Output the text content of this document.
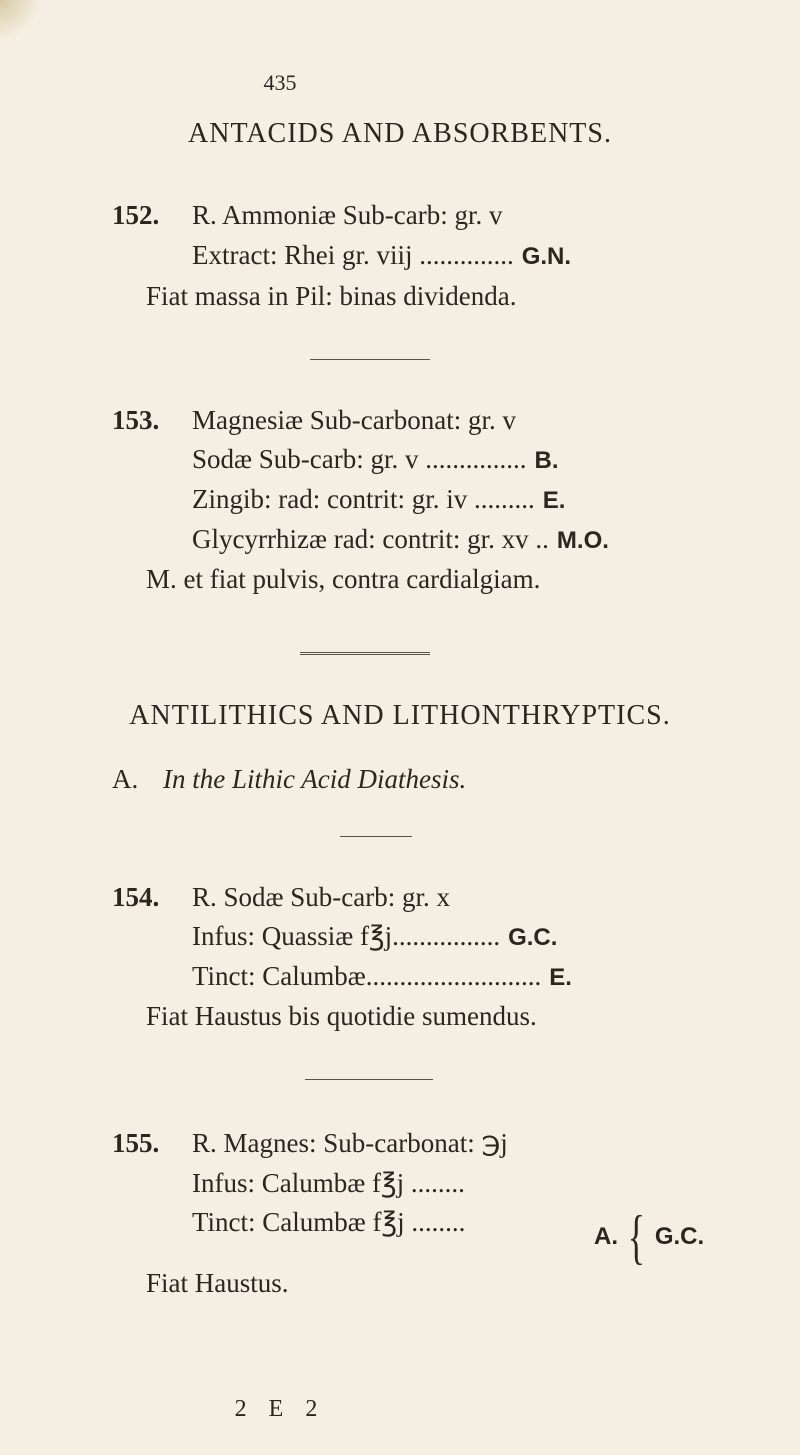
435
ANTACIDS AND ABSORBENTS.
152. R. Ammoniæ Sub-carb: gr. v
Extract: Rhei gr. viij .............. G.N.
Fiat massa in Pil: binas dividenda.
153. Magnesiæ Sub-carbonat: gr. v
Sodæ Sub-carb: gr. v ............... B.
Zingib: rad: contrit: gr. iv ......... E.
Glycyrrhizæ rad: contrit: gr. xv .. M.O.
M. et fiat pulvis, contra cardialgiam.
ANTILITHICS AND LITHONTHRYPTICS.
A. In the Lithic Acid Diathesis.
154. R. Sodæ Sub-carb: gr. x
Infus: Quassiæ f℥j................ G.C.
Tinct: Calumbæ.......................... E.
Fiat Haustus bis quotidie sumendus.
155. R. Magnes: Sub-carbonat: ℈j
Infus: Calumbæ f℥j ........
Tinct: Calumbæ f℥j ........	A. { G.C.
Fiat Haustus.
2 E 2
